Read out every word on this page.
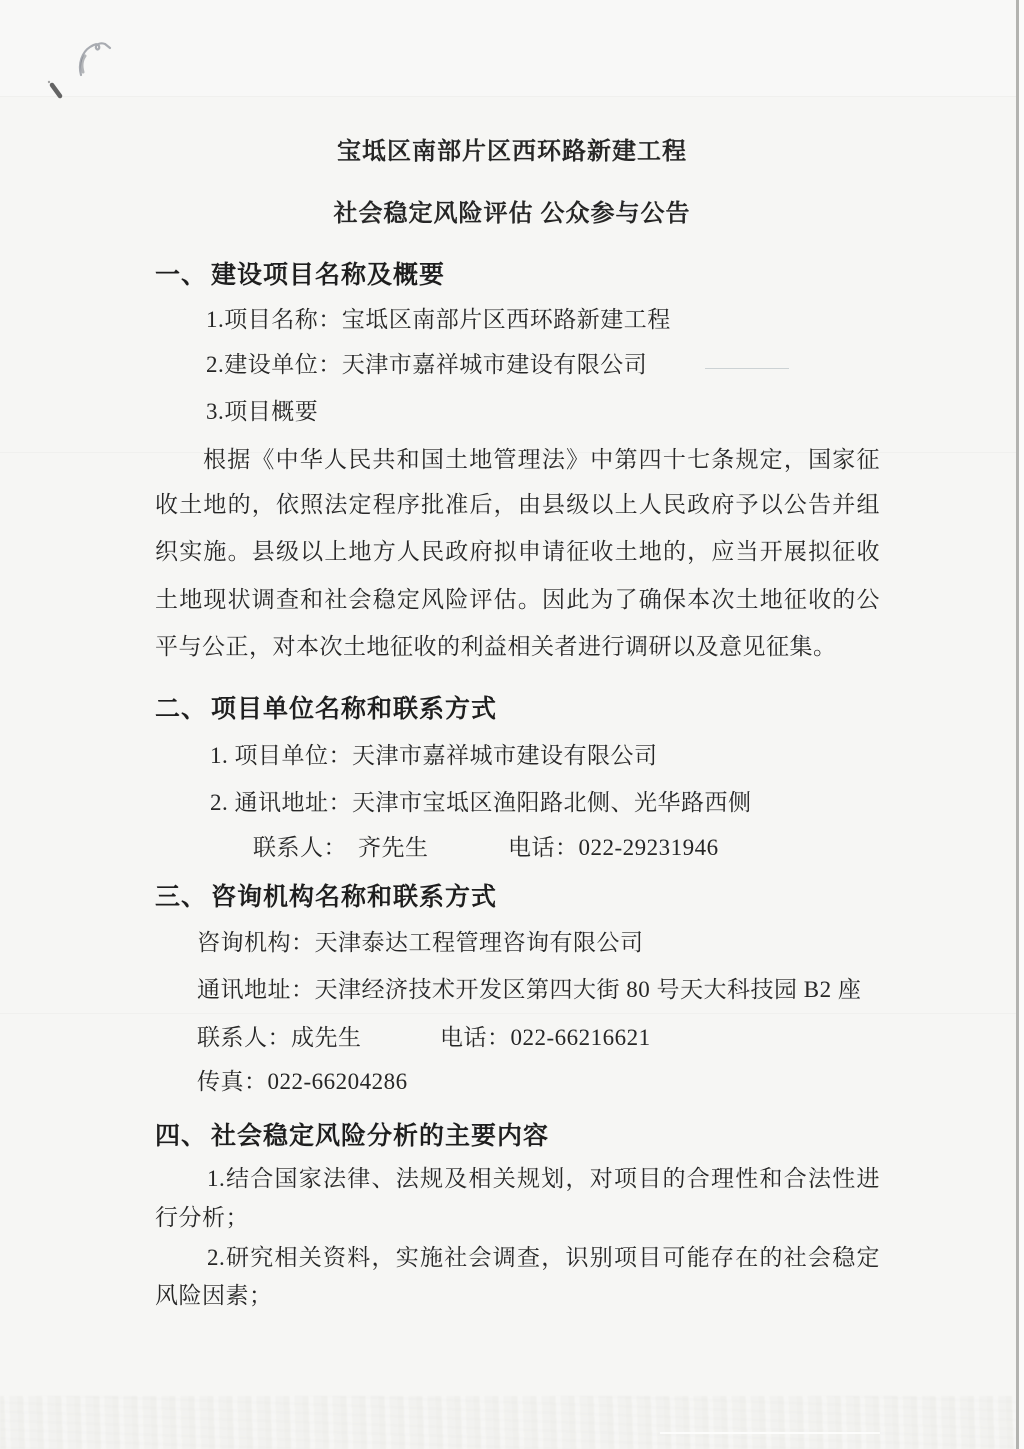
宝坻区南部片区西环路新建工程
社会稳定风险评估 公众参与公告
一、 建设项目名称及概要
1.项目名称：宝坻区南部片区西环路新建工程
2.建设单位：天津市嘉祥城市建设有限公司
3.项目概要
根据《中华人民共和国土地管理法》中第四十七条规定，国家征
收土地的，依照法定程序批准后，由县级以上人民政府予以公告并组
织实施。县级以上地方人民政府拟申请征收土地的，应当开展拟征收
土地现状调查和社会稳定风险评估。因此为了确保本次土地征收的公
平与公正，对本次土地征收的利益相关者进行调研以及意见征集。
二、 项目单位名称和联系方式
1. 项目单位：天津市嘉祥城市建设有限公司
2. 通讯地址：天津市宝坻区渔阳路北侧、光华路西侧
联系人： 齐先生	电话：022-29231946
三、 咨询机构名称和联系方式
咨询机构：天津泰达工程管理咨询有限公司
通讯地址：天津经济技术开发区第四大街 80 号天大科技园 B2 座
联系人：成先生	电话：022-66216621
传真：022-66204286
四、 社会稳定风险分析的主要内容
1.结合国家法律、法规及相关规划，对项目的合理性和合法性进
行分析；
2.研究相关资料，实施社会调查，识别项目可能存在的社会稳定
风险因素；
